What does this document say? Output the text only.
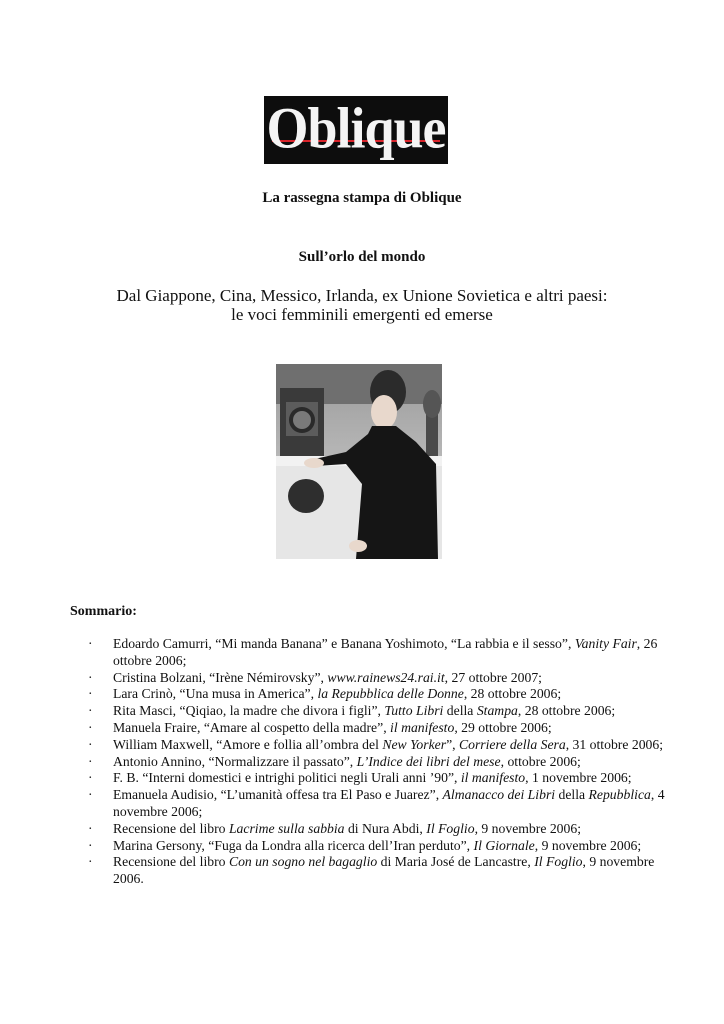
Oblique
La rassegna stampa di Oblique
Sull’orlo del mondo
Dal Giappone, Cina, Messico, Irlanda, ex Unione Sovietica e altri paesi:
le voci femminili emergenti ed emerse
Sommario:
· Edoardo Camurri, “Mi manda Banana” e Banana Yoshimoto, “La rabbia e il sesso”, Vanity Fair, 26 ottobre 2006;
· Cristina Bolzani, “Irène Némirovsky”, www.rainews24.rai.it, 27 ottobre 2007;
· Lara Crinò, “Una musa in America”, la Repubblica delle Donne, 28 ottobre 2006;
· Rita Masci, “Qiqiao, la madre che divora i figli”, Tutto Libri della Stampa, 28 ottobre 2006;
· Manuela Fraire, “Amare al cospetto della madre”, il manifesto, 29 ottobre 2006;
· William Maxwell, “Amore e follia all’ombra del New Yorker”, Corriere della Sera, 31 ottobre 2006;
· Antonio Annino, “Normalizzare il passato”, L’Indice dei libri del mese, ottobre 2006;
· F. B. “Interni domestici e intrighi politici negli Urali anni ’90”, il manifesto, 1 novembre 2006;
· Emanuela Audisio, “L’umanità offesa tra El Paso e Juarez”, Almanacco dei Libri della Repubblica, 4 novembre 2006;
· Recensione del libro Lacrime sulla sabbia di Nura Abdi, Il Foglio, 9 novembre 2006;
· Marina Gersony, “Fuga da Londra alla ricerca dell’Iran perduto”, Il Giornale, 9 novembre 2006;
· Recensione del libro Con un sogno nel bagaglio di Maria José de Lancastre, Il Foglio, 9 novembre 2006.
